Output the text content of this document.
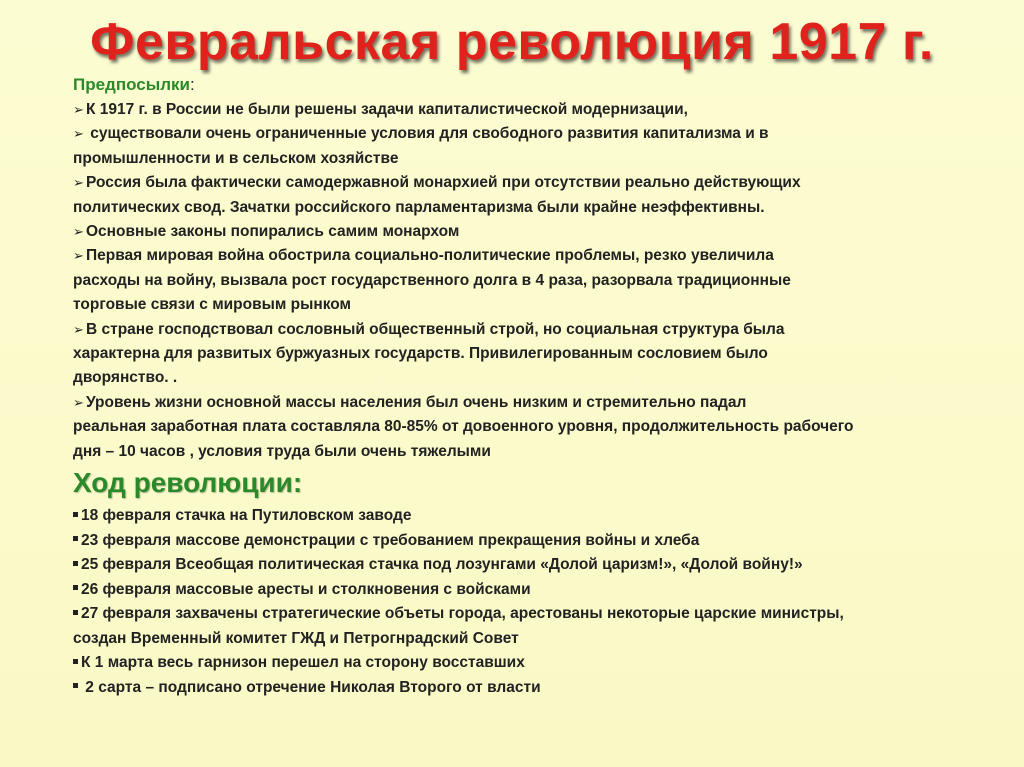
Февральская революция 1917 г.
Предпосылки:
➢ К 1917 г. в России не были решены задачи капиталистической модернизации,
➢ существовали очень ограниченные условия для свободного развития капитализма и в
промышленности и в сельском хозяйстве
➢ Россия была фактически самодержавной монархией при отсутствии реально действующих
политических свод. Зачатки российского парламентаризма были крайне неэффективны.
➢ Основные законы попирались самим монархом
➢ Первая мировая война обострила социально-политические проблемы, резко увеличила
расходы на войну, вызвала рост государственного долга в 4 раза, разорвала традиционные
торговые связи с мировым рынком
➢ В стране господствовал сословный общественный строй, но социальная структура была
характерна для развитых буржуазных государств. Привилегированным сословием было
дворянство. .
➢ Уровень жизни основной массы населения был очень низким и стремительно падал
реальная заработная плата составляла 80-85% от довоенного уровня, продолжительность рабочего
дня – 10 часов , условия труда были очень тяжелыми
Ход революции:
18 февраля стачка на Путиловском заводе
23 февраля массове демонстрации с требованием прекращения войны и хлеба
25 февраля Всеобщая политическая стачка под лозунгами «Долой царизм!», «Долой войну!»
26 февраля массовые аресты и столкновения с войсками
27 февраля захвачены стратегические объеты города, арестованы некоторые царские министры,
создан Временный комитет ГЖД и Петрогнрадский Совет
К 1 марта весь гарнизон перешел на сторону восставших
2 сарта – подписано отречение Николая Второго от власти
